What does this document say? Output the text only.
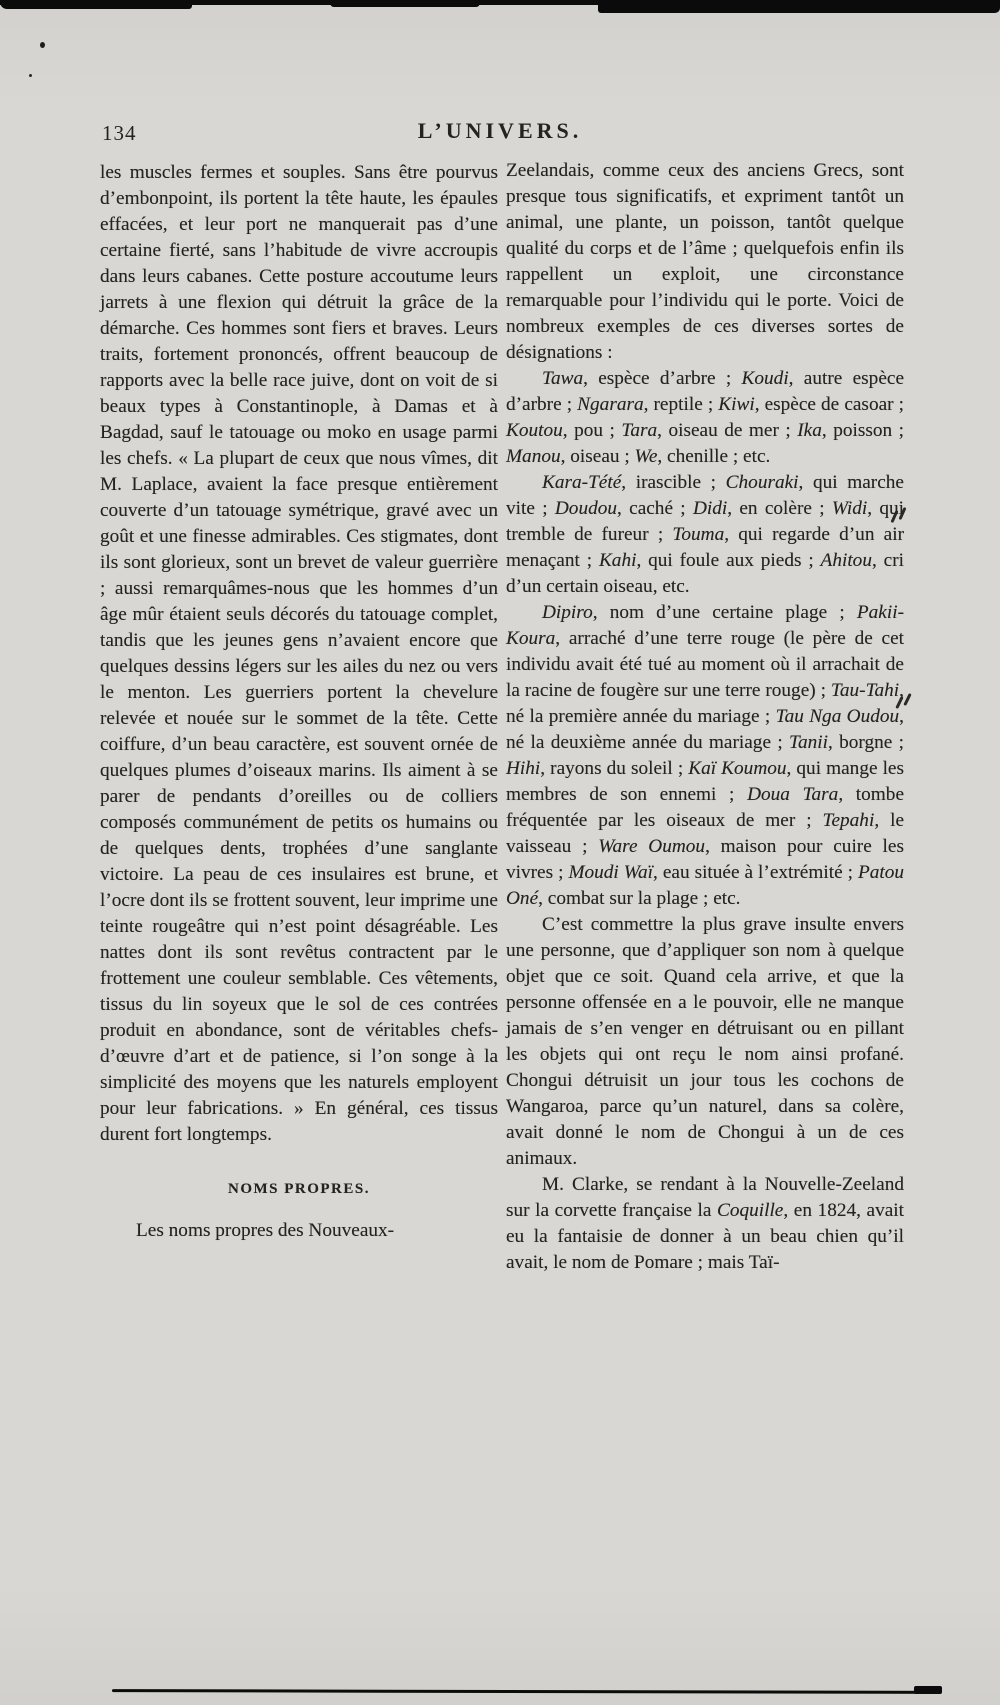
134	L’UNIVERS.

les muscles fermes et souples. Sans être pourvus d’embonpoint, ils portent la tête haute, les épaules effacées, et leur port ne manquerait pas d’une certaine fierté, sans l’habitude de vivre accroupis dans leurs cabanes. Cette posture accoutume leurs jarrets à une flexion qui détruit la grâce de la démarche. Ces hommes sont fiers et braves. Leurs traits, fortement prononcés, offrent beaucoup de rapports avec la belle race juive, dont on voit de si beaux types à Constantinople, à Damas et à Bagdad, sauf le tatouage ou moko en usage parmi les chefs. « La plupart de ceux que nous vîmes, dit M. Laplace, avaient la face presque entièrement couverte d’un tatouage symétrique, gravé avec un goût et une finesse admirables. Ces stigmates, dont ils sont glorieux, sont un brevet de valeur guerrière ; aussi remarquâmes-nous que les hommes d’un âge mûr étaient seuls décorés du tatouage complet, tandis que les jeunes gens n’avaient encore que quelques dessins légers sur les ailes du nez ou vers le menton. Les guerriers portent la chevelure relevée et nouée sur le sommet de la tête. Cette coiffure, d’un beau caractère, est souvent ornée de quelques plumes d’oiseaux marins. Ils aiment à se parer de pendants d’oreilles ou de colliers composés communément de petits os humains ou de quelques dents, trophées d’une sanglante victoire. La peau de ces insulaires est brune, et l’ocre dont ils se frottent souvent, leur imprime une teinte rougeâtre qui n’est point désagréable. Les nattes dont ils sont revêtus contractent par le frottement une couleur semblable. Ces vêtements, tissus du lin soyeux que le sol de ces contrées produit en abondance, sont de véritables chefs-d’œuvre d’art et de patience, si l’on songe à la simplicité des moyens que les naturels employent pour leur fabrications. » En général, ces tissus durent fort longtemps.

NOMS PROPRES.

Les noms propres des Nouveaux-

Zeelandais, comme ceux des anciens Grecs, sont presque tous significatifs, et expriment tantôt un animal, une plante, un poisson, tantôt quelque qualité du corps et de l’âme ; quelquefois enfin ils rappellent un exploit, une circonstance remarquable pour l’individu qui le porte. Voici de nombreux exemples de ces diverses sortes de désignations :

Tawa, espèce d’arbre ; Koudi, autre espèce d’arbre ; Ngarara, reptile ; Kiwi, espèce de casoar ; Koutou, pou ; Tara, oiseau de mer ; Ika, poisson ; Manou, oiseau ; We, chenille ; etc.

Kara-Tété, irascible ; Chouraki, qui marche vite ; Doudou, caché ; Didi, en colère ; Widi, qui tremble de fureur ; Touma, qui regarde d’un air menaçant ; Kahi, qui foule aux pieds ; Ahitou, cri d’un certain oiseau, etc.

Dipiro, nom d’une certaine plage ; Pakii-Koura, arraché d’une terre rouge (le père de cet individu avait été tué au moment où il arrachait de la racine de fougère sur une terre rouge) ; Tau-Tahi, né la première année du mariage ; Tau Nga Oudou, né la deuxième année du mariage ; Tanii, borgne ; Hihi, rayons du soleil ; Kaï Koumou, qui mange les membres de son ennemi ; Doua Tara, tombe fréquentée par les oiseaux de mer ; Tepahi, le vaisseau ; Ware Oumou, maison pour cuire les vivres ; Moudi Waï, eau située à l’extrémité ; Patou Oné, combat sur la plage ; etc.

C’est commettre la plus grave insulte envers une personne, que d’appliquer son nom à quelque objet que ce soit. Quand cela arrive, et que la personne offensée en a le pouvoir, elle ne manque jamais de s’en venger en détruisant ou en pillant les objets qui ont reçu le nom ainsi profané. Chongui détruisit un jour tous les cochons de Wangaroa, parce qu’un naturel, dans sa colère, avait donné le nom de Chongui à un de ces animaux.

M. Clarke, se rendant à la Nouvelle-Zeeland sur la corvette française la Coquille, en 1824, avait eu la fantaisie de donner à un beau chien qu’il avait, le nom de Pomare ; mais Taï-
